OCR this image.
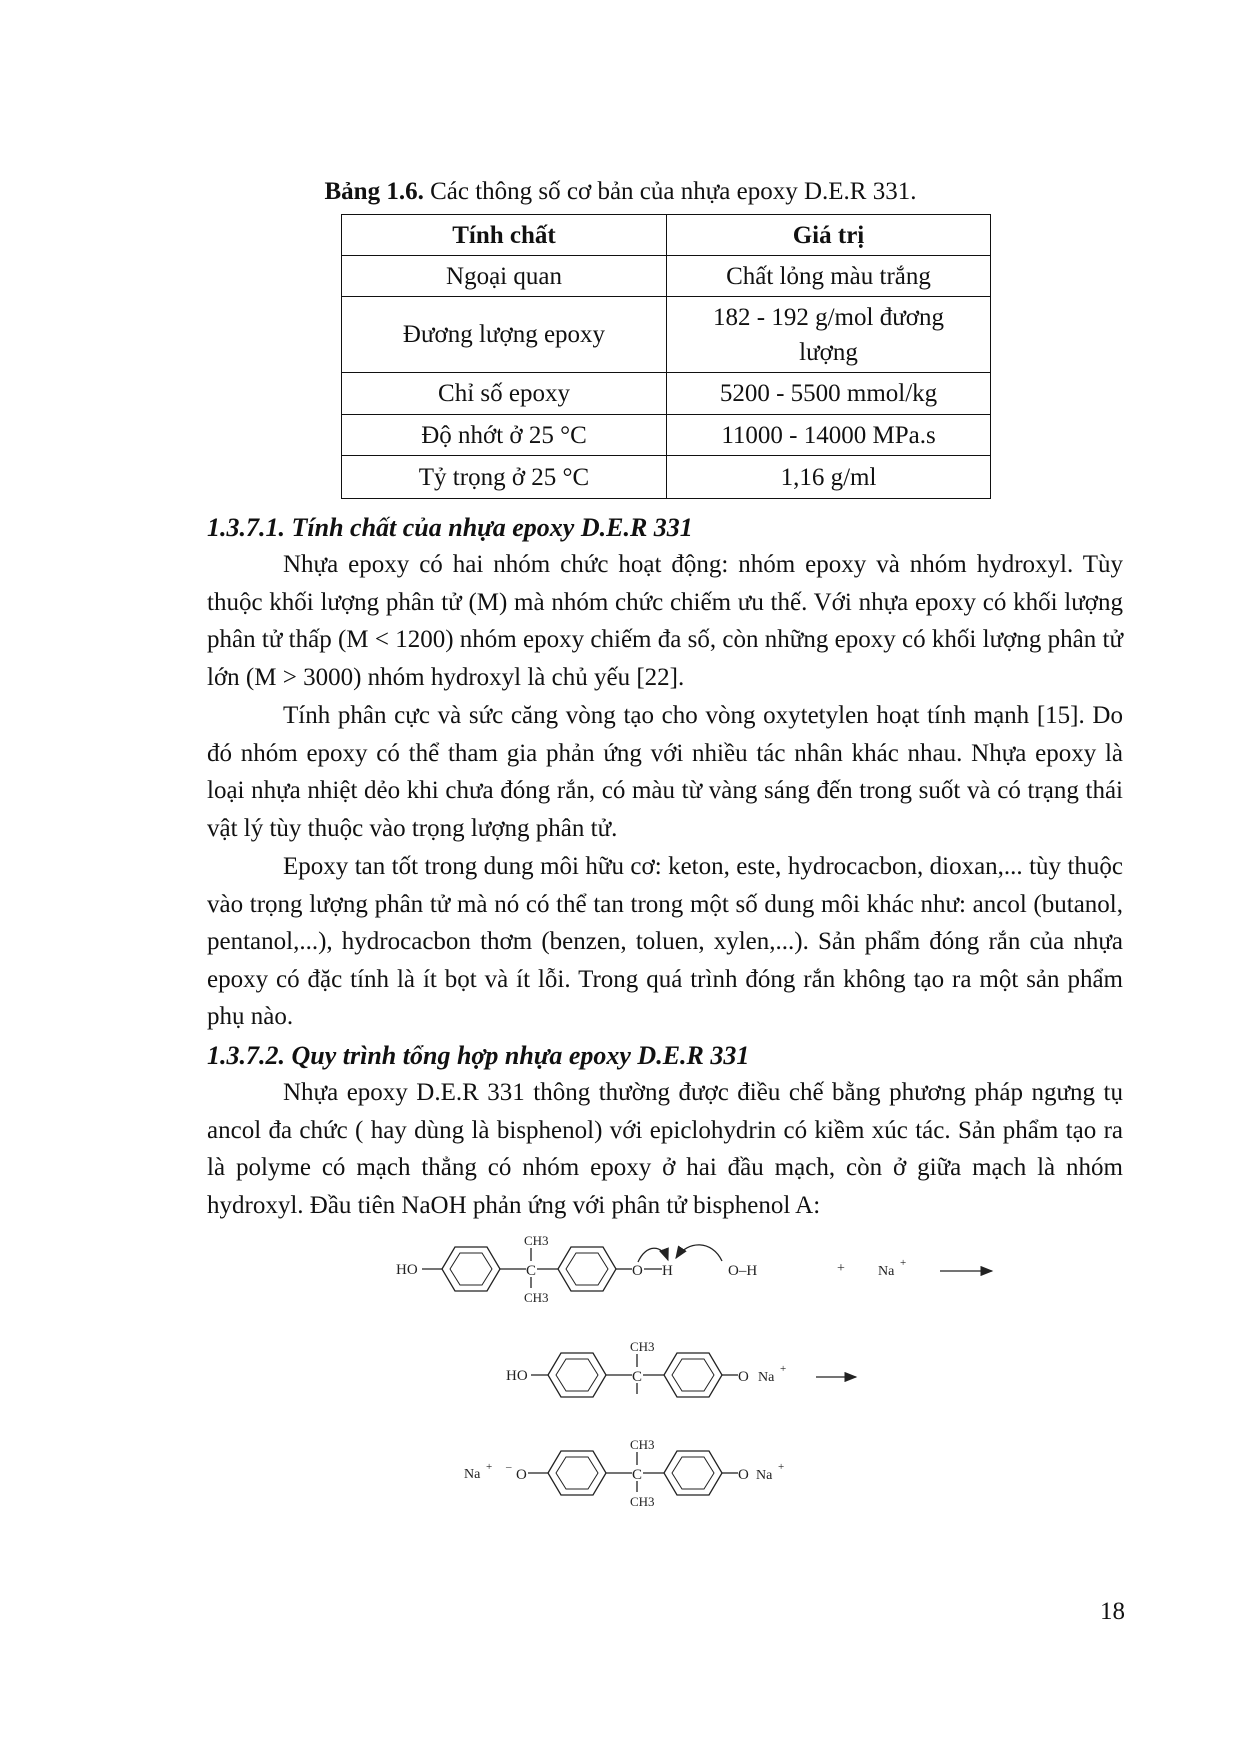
Bảng 1.6. Các thông số cơ bản của nhựa epoxy D.E.R 331.
Tính chất	Giá trị
Ngoại quan	Chất lỏng màu trắng
Đương lượng epoxy	182 - 192 g/mol đương lượng
Chỉ số epoxy	5200 - 5500 mmol/kg
Độ nhớt ở 25 °C	11000 - 14000 MPa.s
Tỷ trọng ở 25 °C	1,16 g/ml
1.3.7.1. Tính chất của nhựa epoxy D.E.R 331

Nhựa epoxy có hai nhóm chức hoạt động: nhóm epoxy và nhóm hydroxyl. Tùy thuộc khối lượng phân tử (M) mà nhóm chức chiếm ưu thế. Với nhựa epoxy có khối lượng phân tử thấp (M < 1200) nhóm epoxy chiếm đa số, còn những epoxy có khối lượng phân tử lớn (M > 3000) nhóm hydroxyl là chủ yếu [22].

Tính phân cực và sức căng vòng tạo cho vòng oxytetylen hoạt tính mạnh [15]. Do đó nhóm epoxy có thể tham gia phản ứng với nhiều tác nhân khác nhau. Nhựa epoxy là loại nhựa nhiệt dẻo khi chưa đóng rắn, có màu từ vàng sáng đến trong suốt và có trạng thái vật lý tùy thuộc vào trọng lượng phân tử.

Epoxy tan tốt trong dung môi hữu cơ: keton, este, hydrocacbon, dioxan,... tùy thuộc vào trọng lượng phân tử mà nó có thể tan trong một số dung môi khác như: ancol (butanol, pentanol,...), hydrocacbon thơm (benzen, toluen, xylen,...). Sản phẩm đóng rắn của nhựa epoxy có đặc tính là ít bọt và ít lỗi. Trong quá trình đóng rắn không tạo ra một sản phẩm phụ nào.

1.3.7.2. Quy trình tổng hợp nhựa epoxy D.E.R 331

Nhựa epoxy D.E.R 331 thông thường được điều chế bằng phương pháp ngưng tụ ancol đa chức ( hay dùng là bisphenol) với epiclohydrin có kiềm xúc tác. Sản phẩm tạo ra là polyme có mạch thẳng có nhóm epoxy ở hai đầu mạch, còn ở giữa mạch là nhóm hydroxyl. Đầu tiên NaOH phản ứng với phân tử bisphenol A:

HO	C
CH3
CH3
O H	O–H	+ Na
+
HO	C
CH3
O Na
+
Na + – O	C
CH3
CH3
O Na
+
18
